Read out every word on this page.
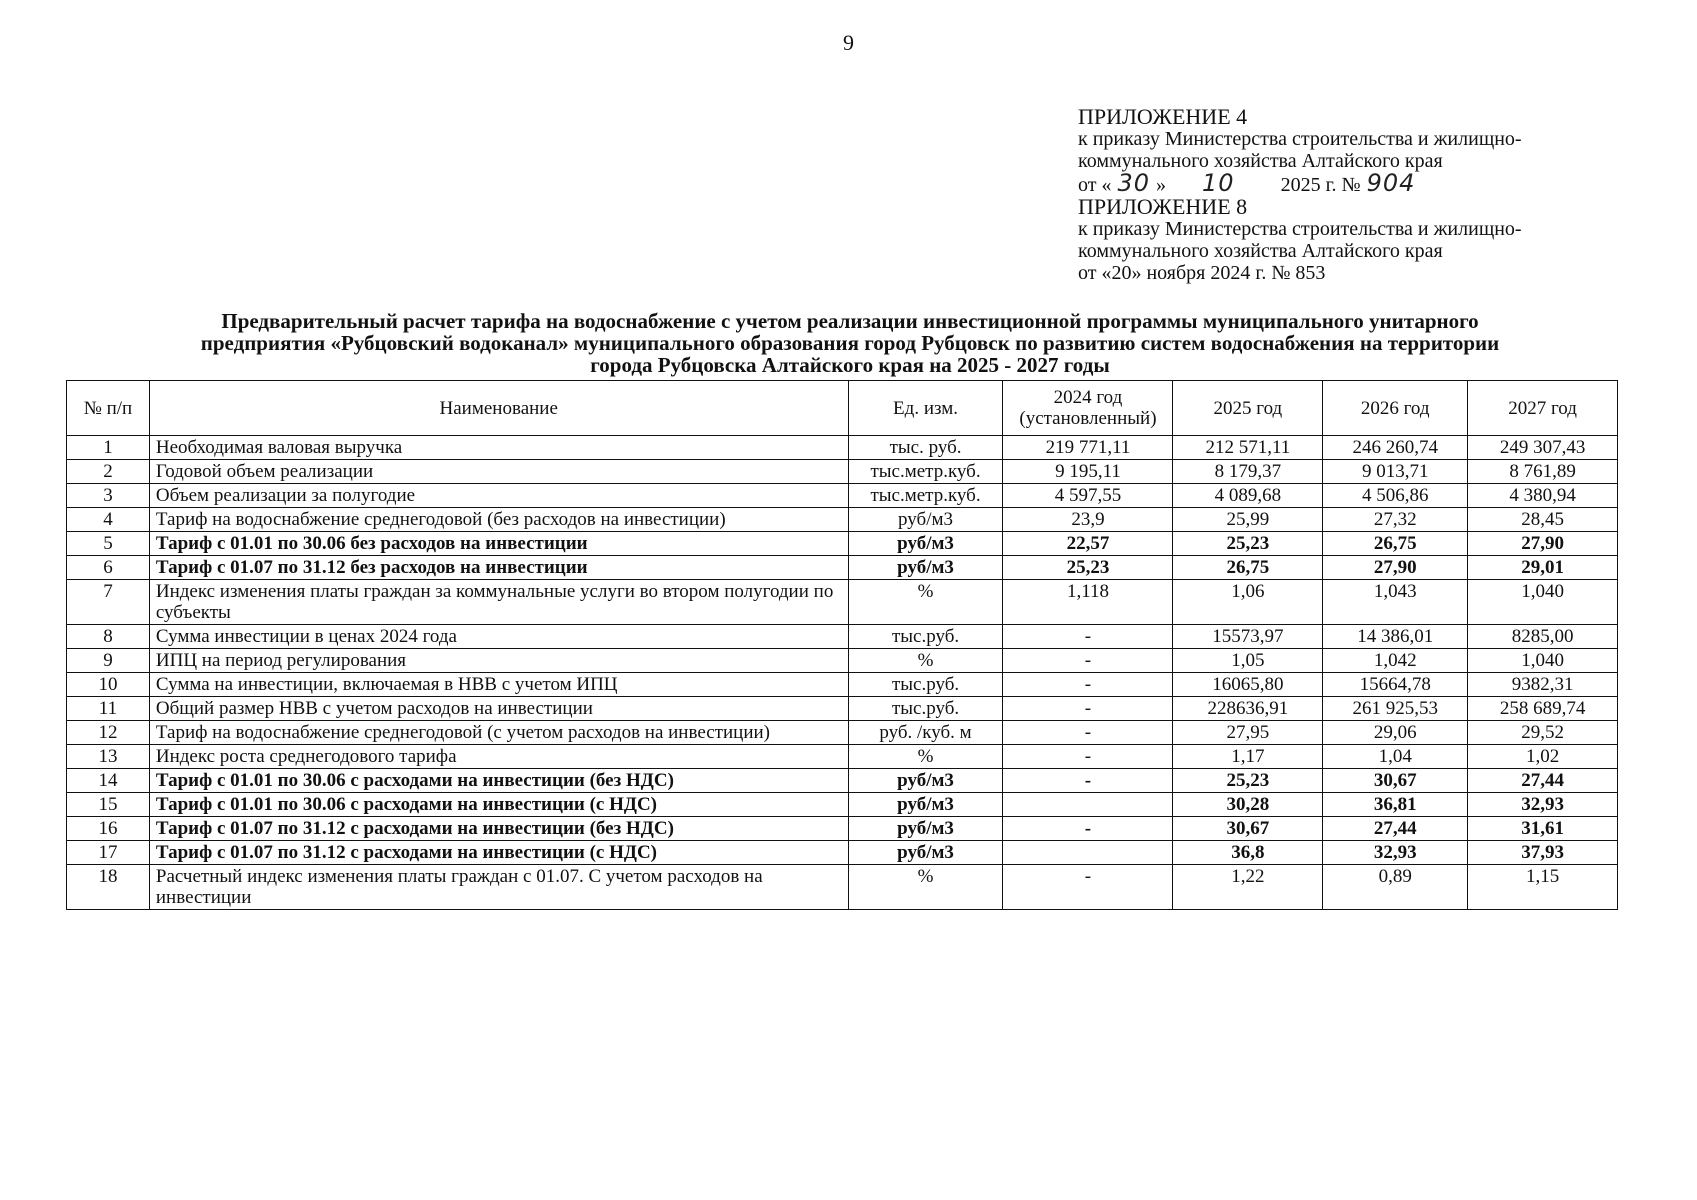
9
ПРИЛОЖЕНИЕ 4
к приказу Министерства строительства и жилищно-
коммунального хозяйства Алтайского края
от « 30 » 10 2025 г. № 904
ПРИЛОЖЕНИЕ 8
к приказу Министерства строительства и жилищно-
коммунального хозяйства Алтайского края
от «20» ноября 2024 г. № 853
Предварительный расчет тарифа на водоснабжение с учетом реализации инвестиционной программы муниципального унитарного
предприятия «Рубцовский водоканал» муниципального образования город Рубцовск по развитию систем водоснабжения на территории
города Рубцовска Алтайского края на 2025 - 2027 годы
№ п/п	Наименование	Ед. изм.	2024 год (установленный)	2025 год	2026 год	2027 год
1	Необходимая валовая выручка	тыс. руб.	219 771,11	212 571,11	246 260,74	249 307,43
2	Годовой объем реализации	тыс.метр.куб.	9 195,11	8 179,37	9 013,71	8 761,89
3	Объем реализации за полугодие	тыс.метр.куб.	4 597,55	4 089,68	4 506,86	4 380,94
4	Тариф на водоснабжение среднегодовой (без расходов на инвестиции)	руб/м3	23,9	25,99	27,32	28,45
5	Тариф с 01.01 по 30.06 без расходов на инвестиции	руб/м3	22,57	25,23	26,75	27,90
6	Тариф с 01.07 по 31.12 без расходов на инвестиции	руб/м3	25,23	26,75	27,90	29,01
7	Индекс изменения платы граждан за коммунальные услуги во втором полугодии по субъекты	%	1,118	1,06	1,043	1,040
8	Сумма инвестиции в ценах 2024 года	тыс.руб.	-	15573,97	14 386,01	8285,00
9	ИПЦ на период регулирования	%	-	1,05	1,042	1,040
10	Сумма на инвестиции, включаемая в НВВ с учетом ИПЦ	тыс.руб.	-	16065,80	15664,78	9382,31
11	Общий размер НВВ с учетом расходов на инвестиции	тыс.руб.	-	228636,91	261 925,53	258 689,74
12	Тариф на водоснабжение среднегодовой (с учетом расходов на инвестиции)	руб. /куб. м	-	27,95	29,06	29,52
13	Индекс роста среднегодового тарифа	%	-	1,17	1,04	1,02
14	Тариф с 01.01 по 30.06 с расходами на инвестиции (без НДС)	руб/м3	-	25,23	30,67	27,44
15	Тариф с 01.01 по 30.06 с расходами на инвестиции (с НДС)	руб/м3		30,28	36,81	32,93
16	Тариф с 01.07 по 31.12 с расходами на инвестиции (без НДС)	руб/м3	-	30,67	27,44	31,61
17	Тариф с 01.07 по 31.12 с расходами на инвестиции (с НДС)	руб/м3		36,8	32,93	37,93
18	Расчетный индекс изменения платы граждан с 01.07. С учетом расходов на инвестиции	%	-	1,22	0,89	1,15
